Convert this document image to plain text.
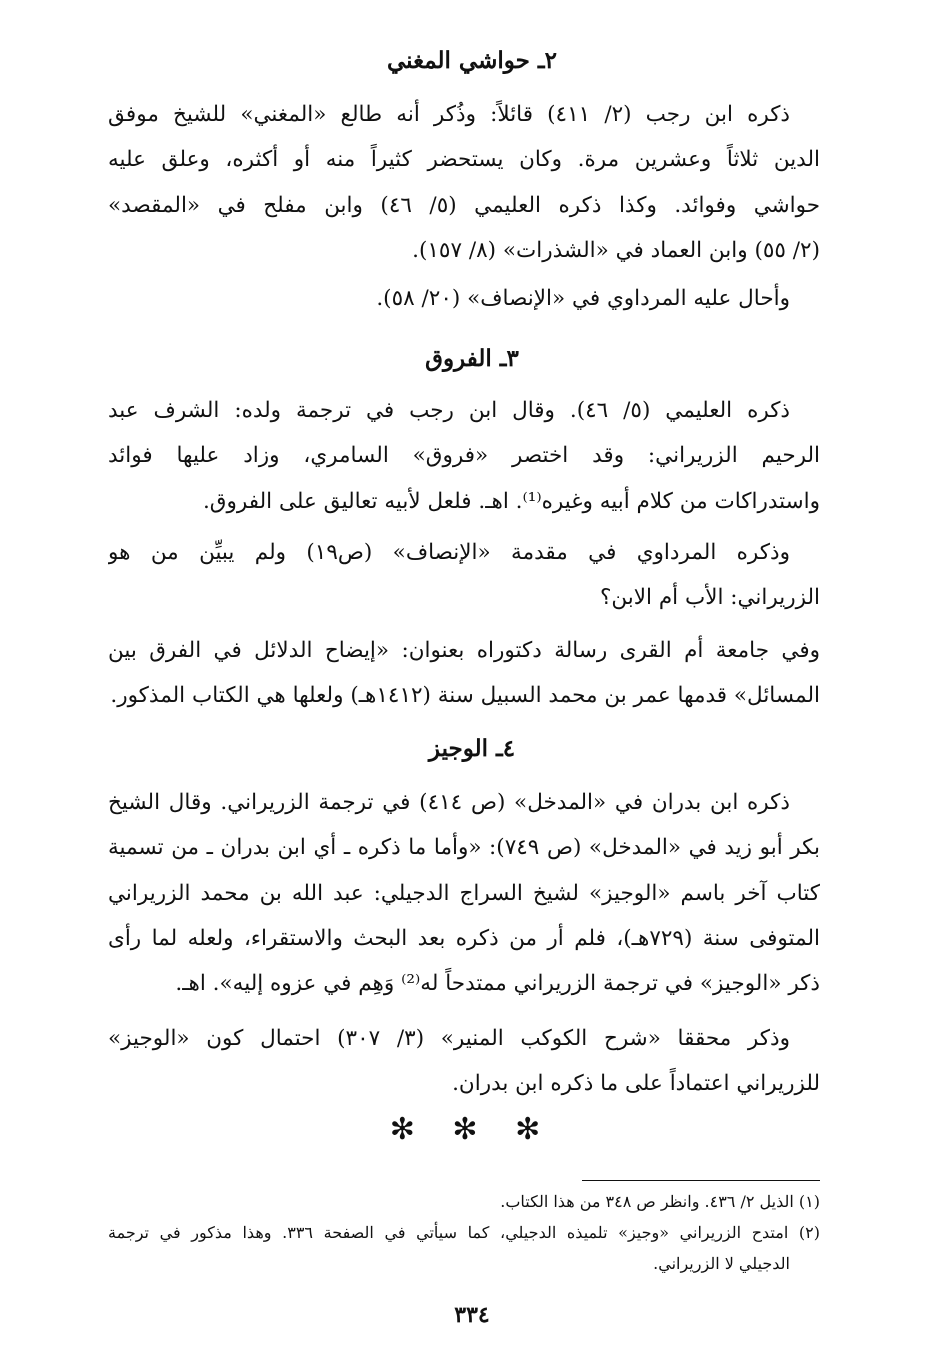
٢ـ حواشي المغني
ذكره ابن رجب (٢/ ٤١١) قائلاً: وذُكر أنه طالع «المغني» للشيخ موفق
الدين ثلاثاً وعشرين مرة. وكان يستحضر كثيراً منه أو أكثره، وعلق عليه
حواشي وفوائد. وكذا ذكره العليمي (٥/ ٤٦) وابن مفلح في «المقصد»
(٢/ ٥٥) وابن العماد في «الشذرات» (٨/ ١٥٧).
وأحال عليه المرداوي في «الإنصاف» (٢٠/ ٥٨).
٣ـ الفروق
ذكره العليمي (٥/ ٤٦). وقال ابن رجب في ترجمة ولده: الشرف عبد
الرحيم الزريراني: وقد اختصر «فروق» السامري، وزاد عليها فوائد
واستدراكات من كلام أبيه وغيره⁽¹⁾. اهـ. فلعل لأبيه تعاليق على الفروق.
وذكره المرداوي في مقدمة «الإنصاف» (ص١٩) ولم يبيِّن من هو
الزريراني: الأب أم الابن؟
وفي جامعة أم القرى رسالة دكتوراه بعنوان: «إيضاح الدلائل في الفرق بين
المسائل» قدمها عمر بن محمد السبيل سنة (١٤١٢هـ) ولعلها هي الكتاب المذكور.
٤ـ الوجيز
ذكره ابن بدران في «المدخل» (ص ٤١٤) في ترجمة الزريراني. وقال الشيخ
بكر أبو زيد في «المدخل» (ص ٧٤٩): «وأما ما ذكره ـ أي ابن بدران ـ من تسمية
كتاب آخر باسم «الوجيز» لشيخ السراج الدجيلي: عبد الله بن محمد الزريراني
المتوفى سنة (٧٢٩هـ)، فلم أر من ذكره بعد البحث والاستقراء، ولعله لما رأى
ذكر «الوجيز» في ترجمة الزريراني ممتدحاً له⁽²⁾ وَهِم في عزوه إليه». اهـ.
وذكر محققا «شرح الكوكب المنير» (٣/ ٣٠٧) احتمال كون «الوجيز»
للزريراني اعتماداً على ما ذكره ابن بدران.
✻ ✻ ✻
(١) الذيل ٢/ ٤٣٦. وانظر ص ٣٤٨ من هذا الكتاب.
(٢) امتدح الزريراني «وجيز» تلميذه الدجيلي، كما سيأتي في الصفحة ٣٣٦. وهذا مذكور في ترجمة
الدجيلي لا الزريراني.
٣٣٤
